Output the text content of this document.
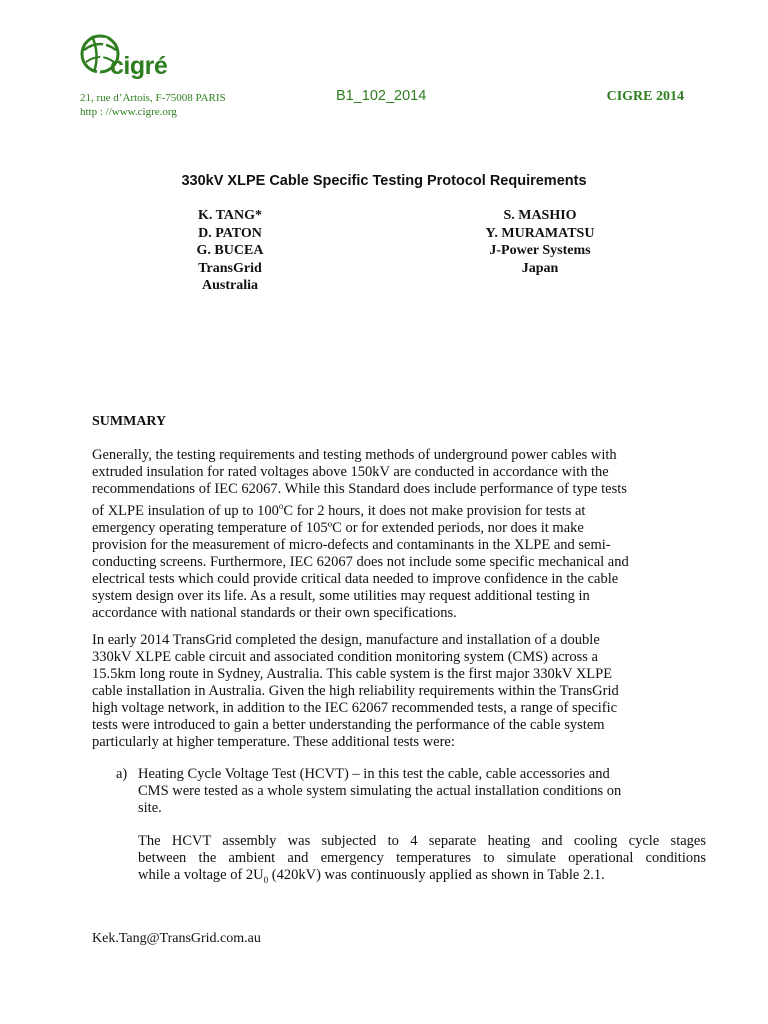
cigré
21, rue d’Artois, F-75008 PARIS
http : //www.cigre.org
B1_102_2014	CIGRE 2014
330kV XLPE Cable Specific Testing Protocol Requirements
K. TANG*
D. PATON
G. BUCEA
TransGrid
Australia
S. MASHIO
Y. MURAMATSU
J-Power Systems
Japan
SUMMARY
Generally, the testing requirements and testing methods of underground power cables with
extruded insulation for rated voltages above 150kV are conducted in accordance with the
recommendations of IEC 62067. While this Standard does include performance of type tests
of XLPE insulation of up to 100$^o$C for 2 hours, it does not make provision for tests at
emergency operating temperature of 105ºC or for extended periods, nor does it make
provision for the measurement of micro-defects and contaminants in the XLPE and semi-
conducting screens. Furthermore, IEC 62067 does not include some specific mechanical and
electrical tests which could provide critical data needed to improve confidence in the cable
system design over its life. As a result, some utilities may request additional testing in
accordance with national standards or their own specifications.
In early 2014 TransGrid completed the design, manufacture and installation of a double
330kV XLPE cable circuit and associated condition monitoring system (CMS) across a
15.5km long route in Sydney, Australia. This cable system is the first major 330kV XLPE
cable installation in Australia. Given the high reliability requirements within the TransGrid
high voltage network, in addition to the IEC 62067 recommended tests, a range of specific
tests were introduced to gain a better understanding the performance of the cable system
particularly at higher temperature. These additional tests were:
a) Heating Cycle Voltage Test (HCVT) – in this test the cable, cable accessories and
CMS were tested as a whole system simulating the actual installation conditions on
site.
The HCVT assembly was subjected to 4 separate heating and cooling cycle stages
between the ambient and emergency temperatures to simulate operational conditions
while a voltage of $2U_0$ (420kV) was continuously applied as shown in Table 2.1.
Kek.Tang@TransGrid.com.au
